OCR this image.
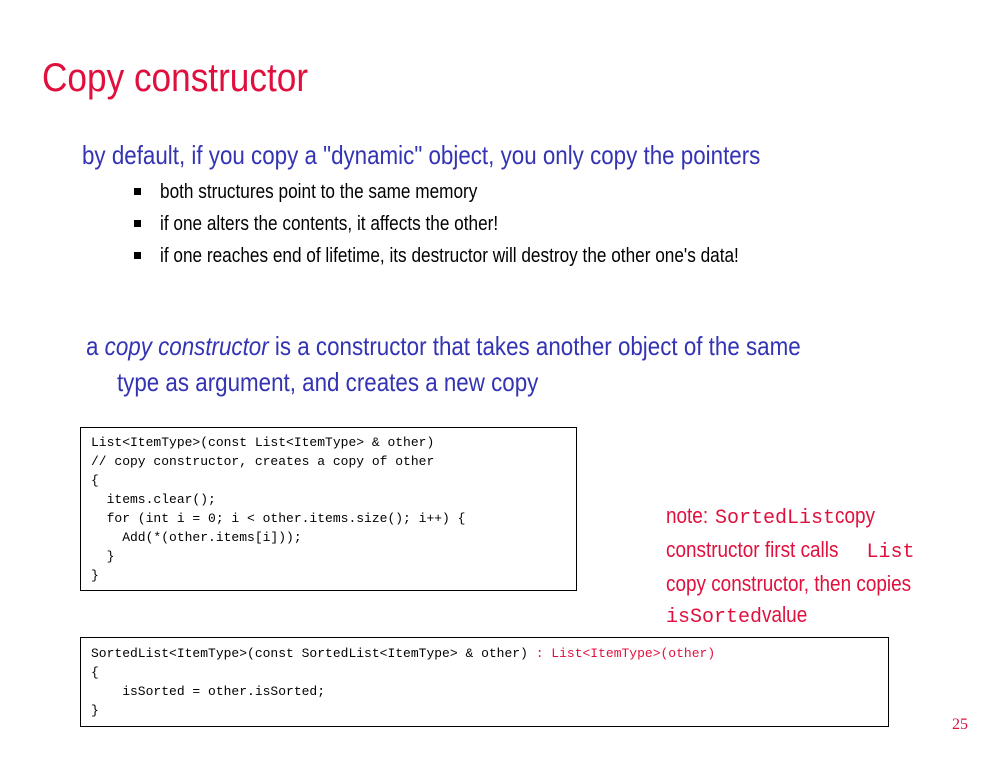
Copy constructor
by default, if you copy a "dynamic" object, you only copy the pointers
both structures point to the same memory
if one alters the contents, it affects the other!
if one reaches end of lifetime, its destructor will destroy the other one's data!
a copy constructor is a constructor that takes another object of the same
type as argument, and creates a new copy
List<ItemType>(const List<ItemType> & other)
// copy constructor, creates a copy of other
{
items.clear();
for (int i = 0; i < other.items.size(); i++) {
Add(*(other.items[i]));
}
}
note:SortedListcopy
constructor first callsList
copy constructor, then copies
isSortedvalue
SortedList<ItemType>(const SortedList<ItemType> & other) : List<ItemType>(other)
{
isSorted = other.isSorted;
}
25
